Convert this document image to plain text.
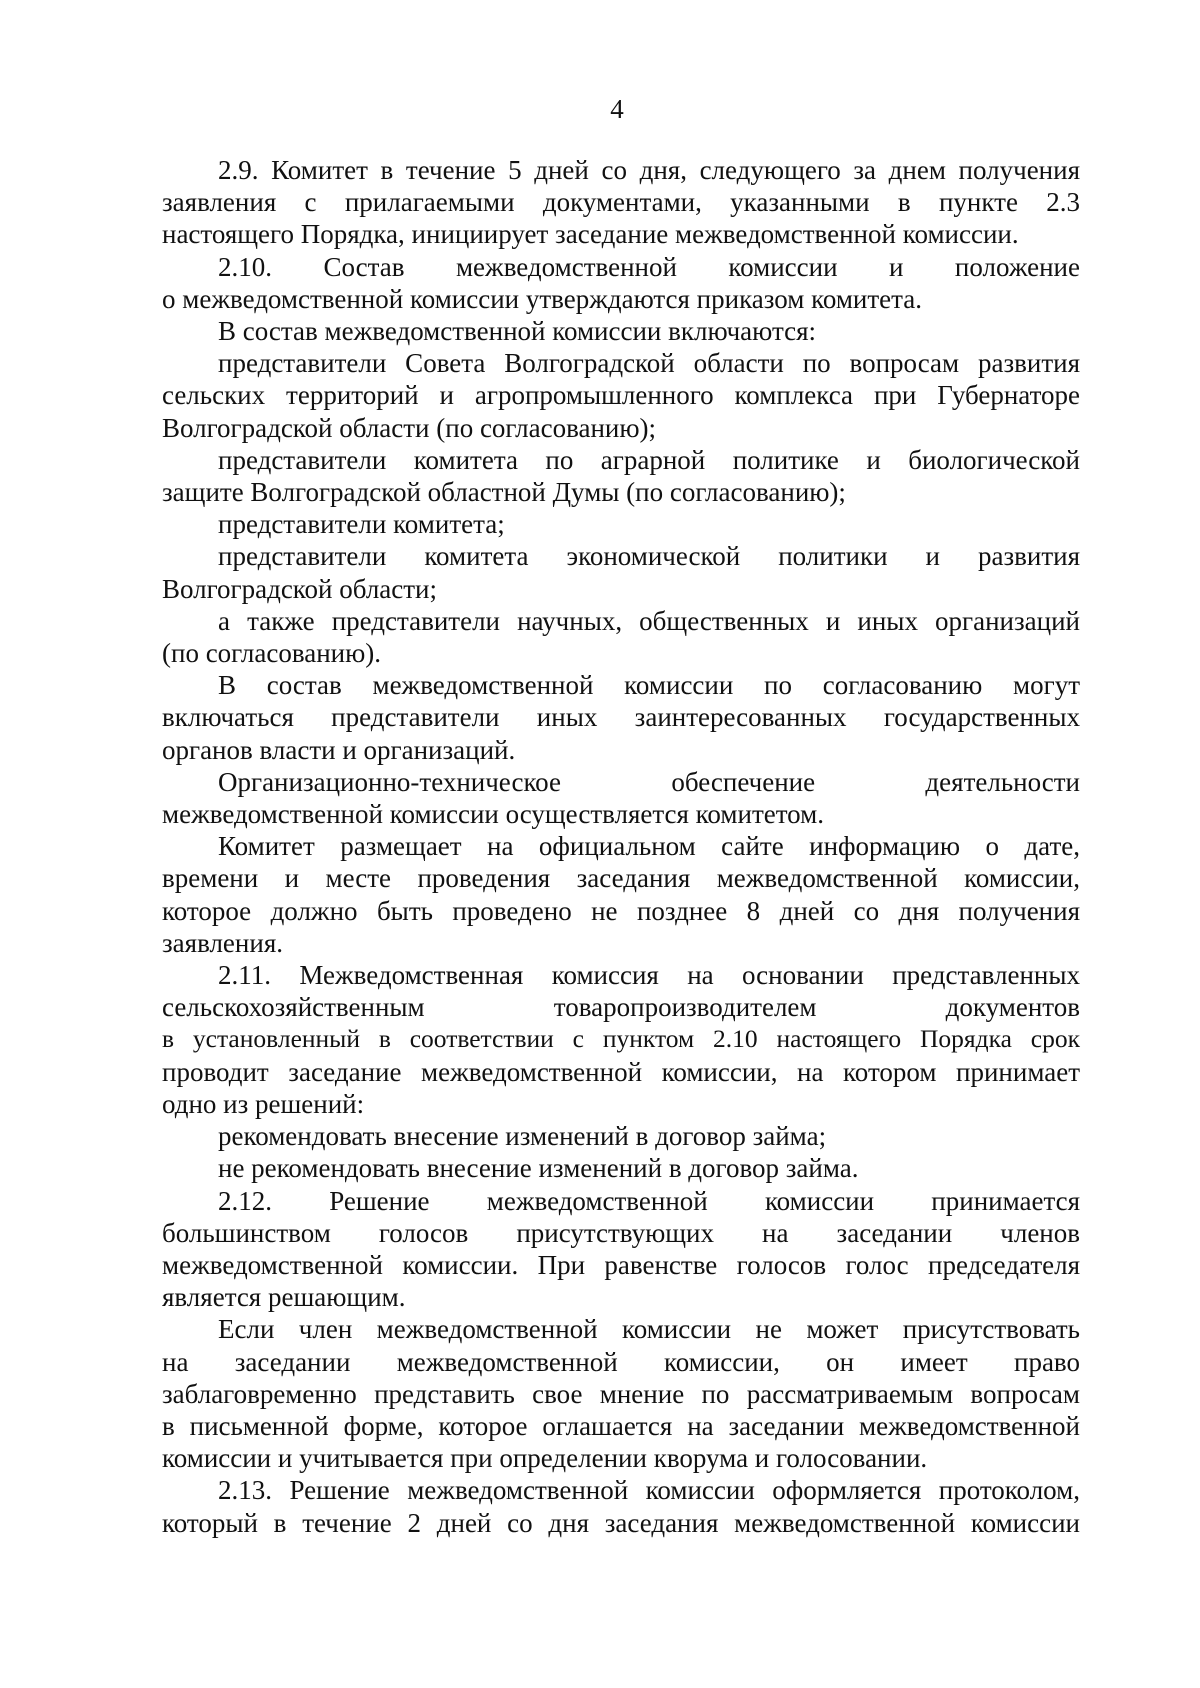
4

2.9. Комитет в течение 5 дней со дня, следующего за днем получения
заявления с прилагаемыми документами, указанными в пункте 2.3
настоящего Порядка, инициирует заседание межведомственной комиссии.

2.10. Состав межведомственной комиссии и положение
о межведомственной комиссии утверждаются приказом комитета.

В состав межведомственной комиссии включаются:

представители Совета Волгоградской области по вопросам развития
сельских территорий и агропромышленного комплекса при Губернаторе
Волгоградской области (по согласованию);

представители комитета по аграрной политике и биологической
защите Волгоградской областной Думы (по согласованию);

представители комитета;

представители комитета экономической политики и развития
Волгоградской области;

а также представители научных, общественных и иных организаций
(по согласованию).

В состав межведомственной комиссии по согласованию могут
включаться представители иных заинтересованных государственных
органов власти и организаций.

Организационно-техническое обеспечение деятельности
межведомственной комиссии осуществляется комитетом.

Комитет размещает на официальном сайте информацию о дате,
времени и месте проведения заседания межведомственной комиссии,
которое должно быть проведено не позднее 8 дней со дня получения
заявления.

2.11. Межведомственная комиссия на основании представленных
сельскохозяйственным товаропроизводителем документов
в установленный в соответствии с пунктом 2.10 настоящего Порядка срок
проводит заседание межведомственной комиссии, на котором принимает
одно из решений:

рекомендовать внесение изменений в договор займа;

не рекомендовать внесение изменений в договор займа.

2.12. Решение межведомственной комиссии принимается
большинством голосов присутствующих на заседании членов
межведомственной комиссии. При равенстве голосов голос председателя
является решающим.

Если член межведомственной комиссии не может присутствовать
на заседании межведомственной комиссии, он имеет право
заблаговременно представить свое мнение по рассматриваемым вопросам
в письменной форме, которое оглашается на заседании межведомственной
комиссии и учитывается при определении кворума и голосовании.

2.13. Решение межведомственной комиссии оформляется протоколом,
который в течение 2 дней со дня заседания межведомственной комиссии
